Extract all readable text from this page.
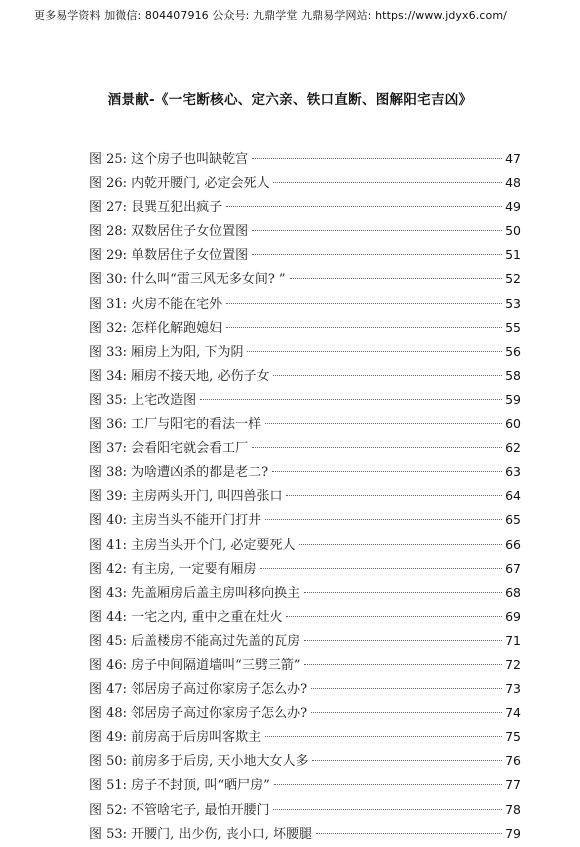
更多易学资料 加微信: 804407916 公众号: 九鼎学堂 九鼎易学网站: https://www.jdyx6.com/
酒景献-《一宅断核心、定六亲、铁口直断、图解阳宅吉凶》
图 25: 这个房子也叫缺乾宫	47
图 26: 内乾开腰门, 必定会死人	48
图 27: 艮巽互犯出疯子	49
图 28: 双数居住子女位置图	50
图 29: 单数居住子女位置图	51
图 30: 什么叫“雷三风无多女间? ”	52
图 31: 火房不能在宅外	53
图 32: 怎样化解跑媳妇	55
图 33: 厢房上为阳, 下为阴	56
图 34: 厢房不接天地, 必伤子女	58
图 35: 上宅改造图	59
图 36: 工厂与阳宅的看法一样	60
图 37: 会看阳宅就会看工厂	62
图 38: 为啥遭凶杀的都是老二?	63
图 39: 主房两头开门, 叫四兽张口	64
图 40: 主房当头不能开门打井	65
图 41: 主房当头开个门, 必定要死人	66
图 42: 有主房, 一定要有厢房	67
图 43: 先盖厢房后盖主房叫移向换主	68
图 44: 一宅之内, 重中之重在灶火	69
图 45: 后盖楼房不能高过先盖的瓦房	71
图 46: 房子中间隔道墙叫“三劈三箭”	72
图 47: 邻居房子高过你家房子怎么办?	73
图 48: 邻居房子高过你家房子怎么办?	74
图 49: 前房高于后房叫客欺主	75
图 50: 前房多于后房, 天小地大女人多	76
图 51: 房子不封顶, 叫“晒尸房”	77
图 52: 不管啥宅子, 最怕开腰门	78
图 53: 开腰门, 出少伤, 丧小口, 坏腰腿	79
